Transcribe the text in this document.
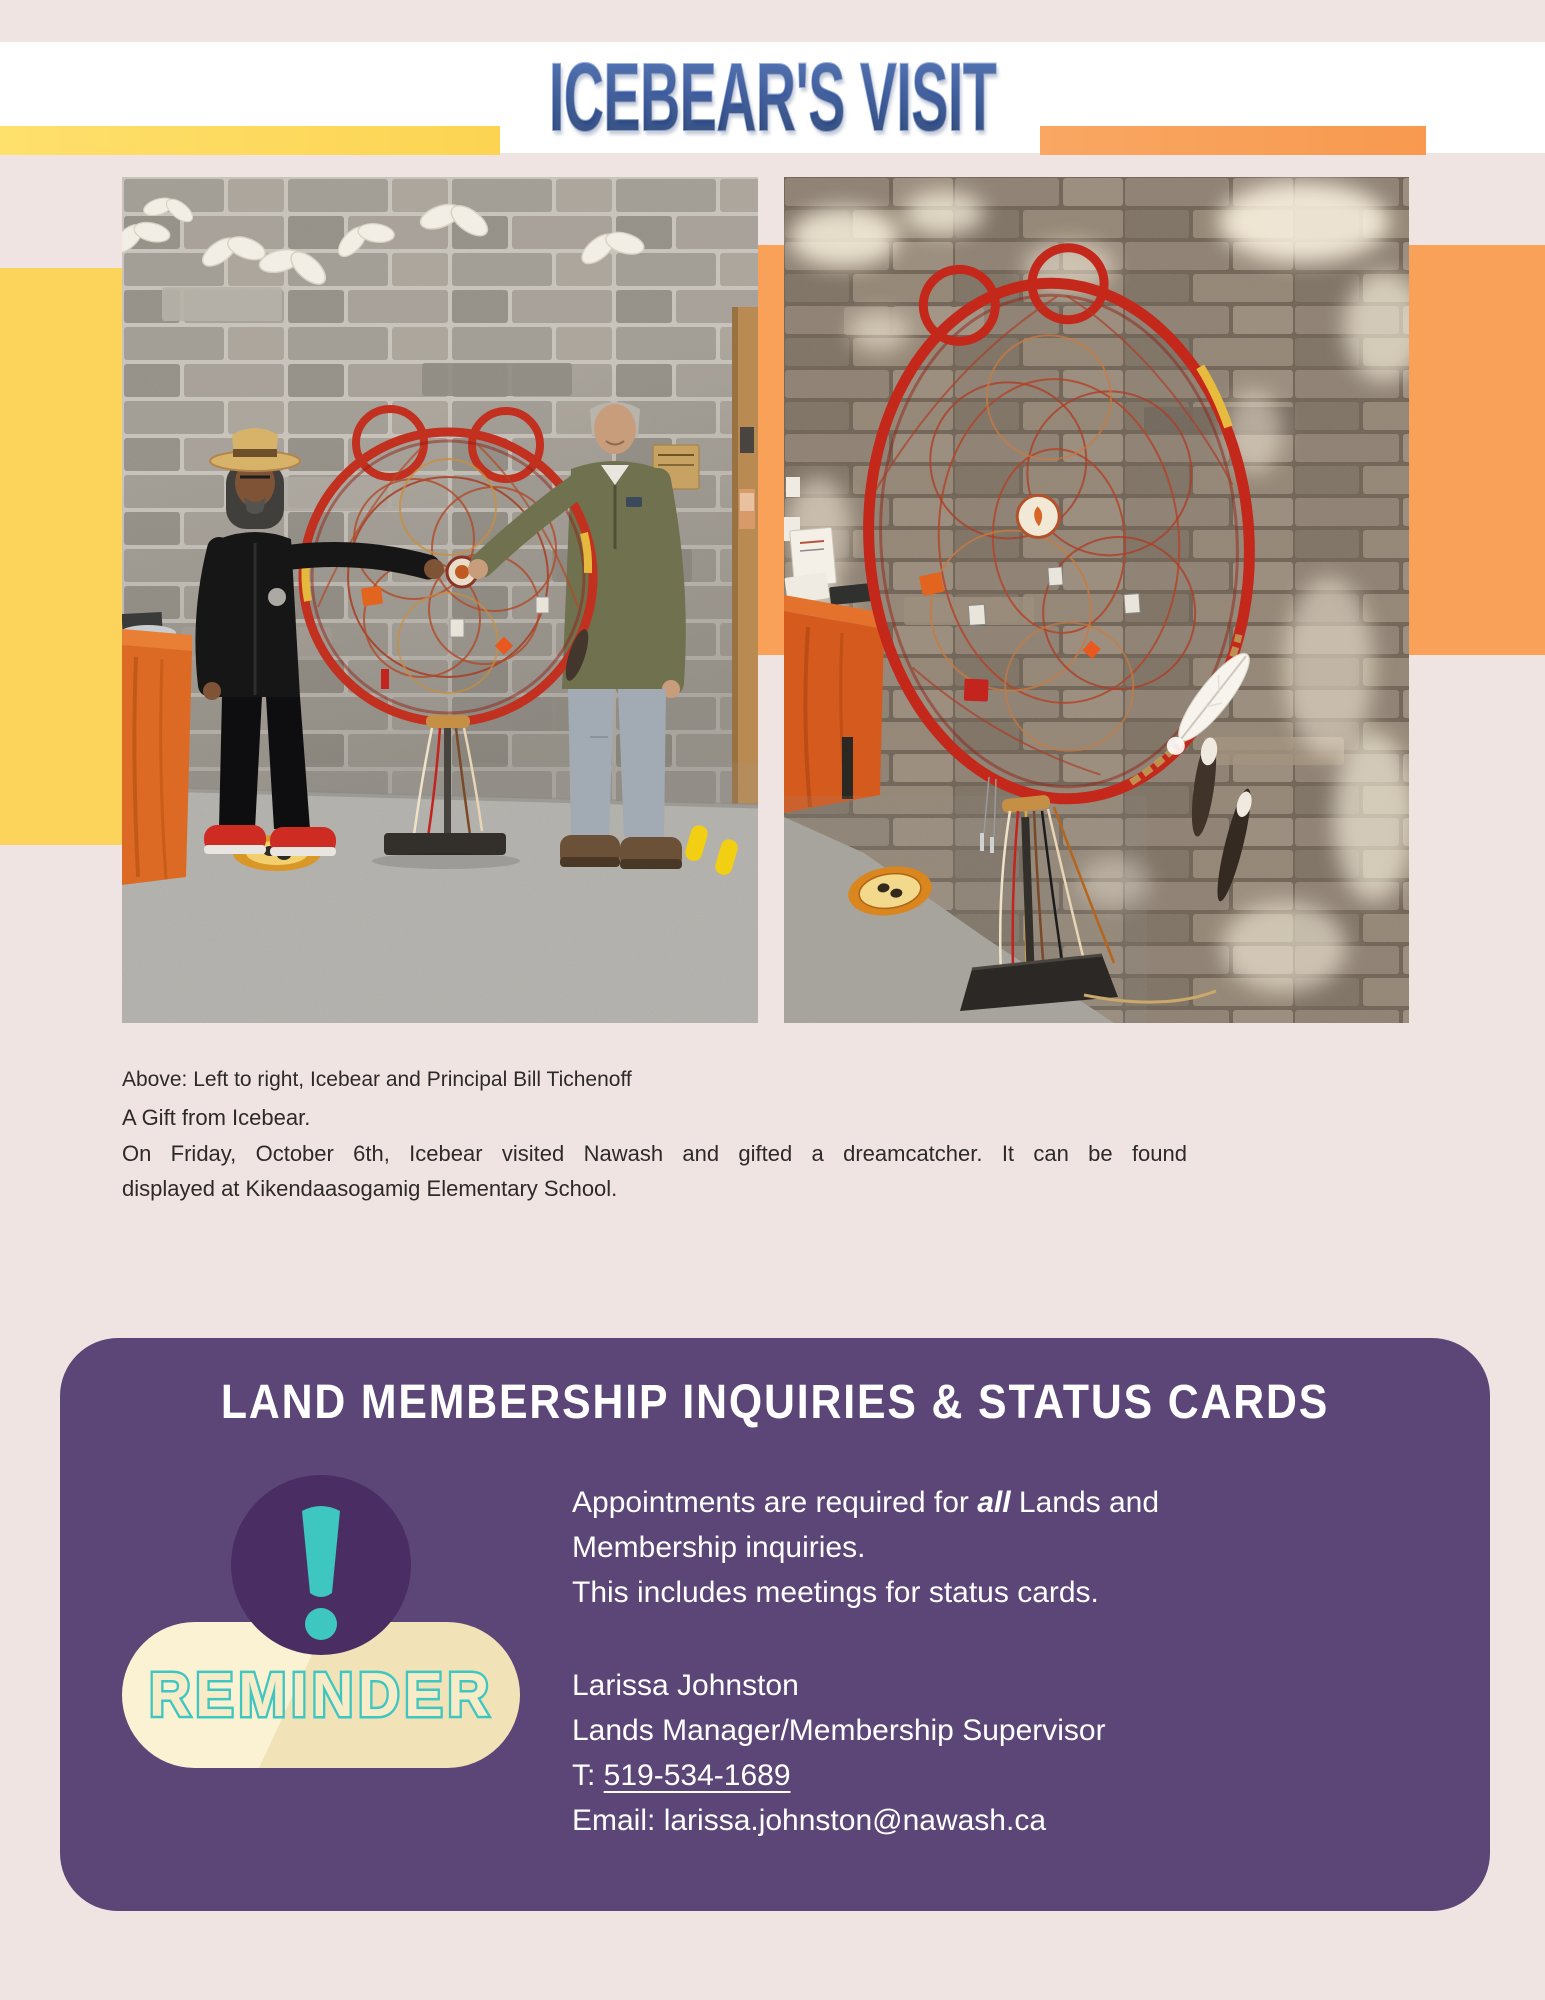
ICEBEAR'S VISIT

Above: Left to right, Icebear and Principal Bill Tichenoff

A Gift from Icebear.

On Friday, October 6th, Icebear visited Nawash and gifted a dreamcatcher. It can be found

displayed at Kikendaasogamig Elementary School.

LAND MEMBERSHIP INQUIRIES & STATUS CARDS
REMINDER

Appointments are required for all Lands and

Membership inquiries.

This includes meetings for status cards.

Larissa Johnston

Lands Manager/Membership Supervisor

T: 519-534-1689

Email: larissa.johnston@nawash.ca
